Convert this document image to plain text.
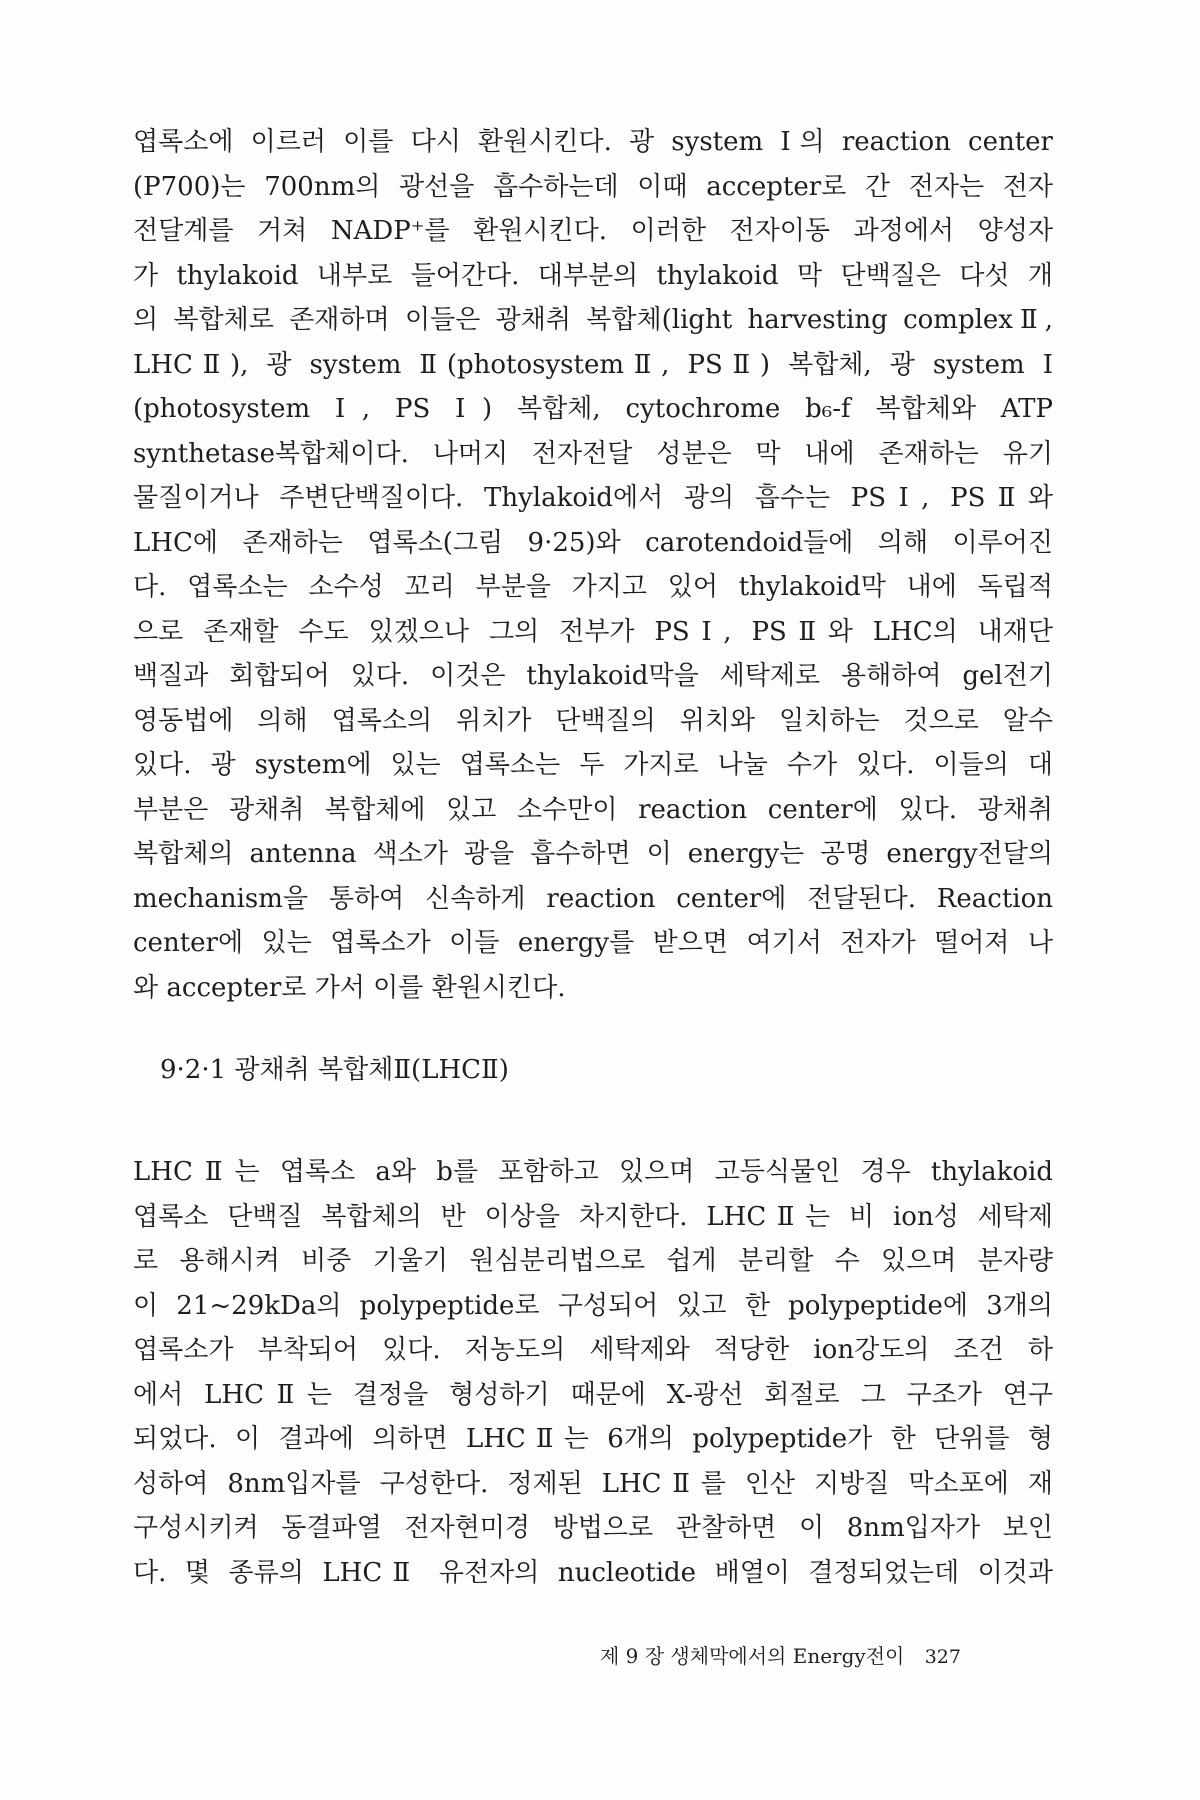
엽록소에 이르러 이를 다시 환원시킨다. 광 system Ⅰ의 reaction center
(P700)는 700nm의 광선을 흡수하는데 이때 accepter로 간 전자는 전자
전달계를 거쳐 NADP⁺를 환원시킨다. 이러한 전자이동 과정에서 양성자
가 thylakoid 내부로 들어간다. 대부분의 thylakoid 막 단백질은 다섯 개
의 복합체로 존재하며 이들은 광채취 복합체(light harvesting complexⅡ,
LHCⅡ), 광 system Ⅱ(photosystemⅡ, PSⅡ) 복합체, 광 system Ⅰ
(photosystem Ⅰ, PS Ⅰ) 복합체, cytochrome b₆-f 복합체와 ATP
synthetase복합체이다. 나머지 전자전달 성분은 막 내에 존재하는 유기
물질이거나 주변단백질이다. Thylakoid에서 광의 흡수는 PSⅠ, PSⅡ와
LHC에 존재하는 엽록소(그림 9·25)와 carotendoid들에 의해 이루어진
다. 엽록소는 소수성 꼬리 부분을 가지고 있어 thylakoid막 내에 독립적
으로 존재할 수도 있겠으나 그의 전부가 PSⅠ, PSⅡ와 LHC의 내재단
백질과 회합되어 있다. 이것은 thylakoid막을 세탁제로 용해하여 gel전기
영동법에 의해 엽록소의 위치가 단백질의 위치와 일치하는 것으로 알수
있다. 광 system에 있는 엽록소는 두 가지로 나눌 수가 있다. 이들의 대
부분은 광채취 복합체에 있고 소수만이 reaction center에 있다. 광채취
복합체의 antenna 색소가 광을 흡수하면 이 energy는 공명 energy전달의
mechanism을 통하여 신속하게 reaction center에 전달된다. Reaction
center에 있는 엽록소가 이들 energy를 받으면 여기서 전자가 떨어져 나
와 accepter로 가서 이를 환원시킨다.
9·2·1 광채취 복합체Ⅱ(LHCⅡ)
LHCⅡ는 엽록소 a와 b를 포함하고 있으며 고등식물인 경우 thylakoid
엽록소 단백질 복합체의 반 이상을 차지한다. LHCⅡ는 비 ion성 세탁제
로 용해시켜 비중 기울기 원심분리법으로 쉽게 분리할 수 있으며 분자량
이 21~29kDa의 polypeptide로 구성되어 있고 한 polypeptide에 3개의
엽록소가 부착되어 있다. 저농도의 세탁제와 적당한 ion강도의 조건 하
에서 LHCⅡ는 결정을 형성하기 때문에 X-광선 회절로 그 구조가 연구
되었다. 이 결과에 의하면 LHCⅡ는 6개의 polypeptide가 한 단위를 형
성하여 8nm입자를 구성한다. 정제된 LHCⅡ를 인산 지방질 막소포에 재
구성시키켜 동결파열 전자현미경 방법으로 관찰하면 이 8nm입자가 보인
다. 몇 종류의 LHCⅡ 유전자의 nucleotide 배열이 결정되었는데 이것과
제 9 장 생체막에서의 Energy전이 327
